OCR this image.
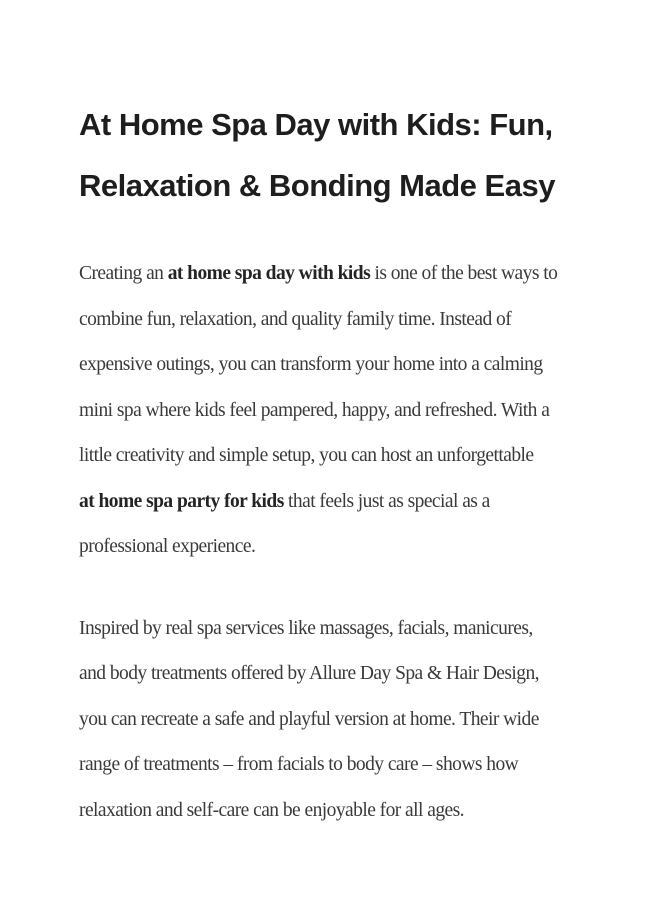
At Home Spa Day with Kids: Fun,
Relaxation & Bonding Made Easy
Creating an at home spa day with kids is one of the best ways to
combine fun, relaxation, and quality family time. Instead of
expensive outings, you can transform your home into a calming
mini spa where kids feel pampered, happy, and refreshed. With a
little creativity and simple setup, you can host an unforgettable
at home spa party for kids that feels just as special as a
professional experience.
Inspired by real spa services like massages, facials, manicures,
and body treatments offered by Allure Day Spa & Hair Design,
you can recreate a safe and playful version at home. Their wide
range of treatments – from facials to body care – shows how
relaxation and self-care can be enjoyable for all ages.
